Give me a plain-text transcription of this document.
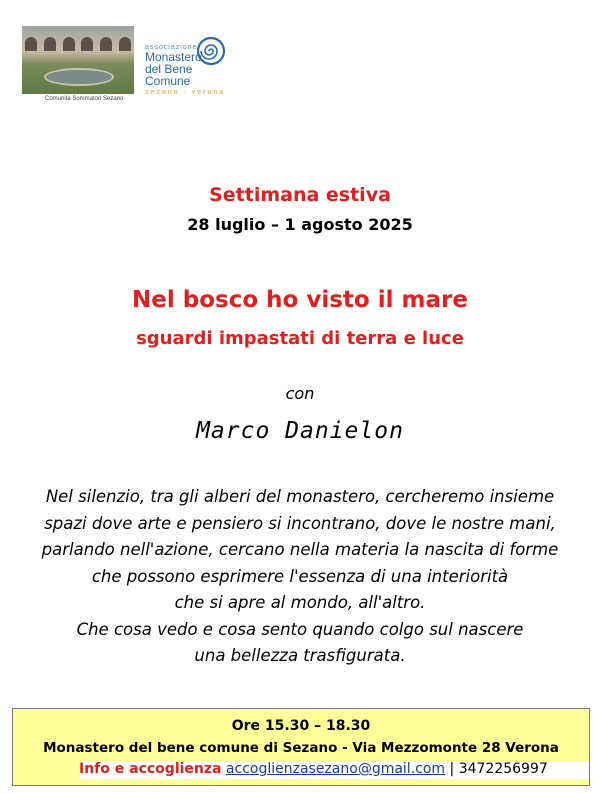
Comunità Sommatori Sezano
associazione
Monastero
del Bene Comune
sezano · verona
Settimana estiva
28 luglio – 1 agosto 2025
Nel bosco ho visto il mare
sguardi impastati di terra e luce
con
Marco Danielon
Nel silenzio, tra gli alberi del monastero, cercheremo insieme
spazi dove arte e pensiero si incontrano, dove le nostre mani,
parlando nell'azione, cercano nella materia la nascita di forme
che possono esprimere l'essenza di una interiorità
che si apre al mondo, all'altro.
Che cosa vedo e cosa sento quando colgo sul nascere
una bellezza trasfigurata.
Ore 15.30 – 18.30
Monastero del bene comune di Sezano - Via Mezzomonte 28 Verona
Info e accoglienza accoglienzasezano@gmail.com | 3472256997
